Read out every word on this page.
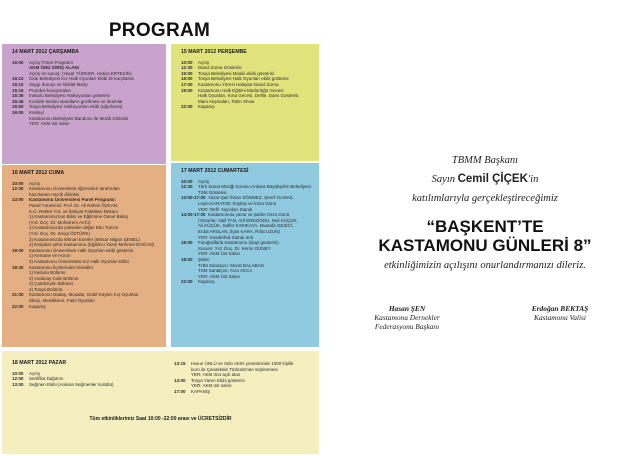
PROGRAM
14 MART 2012 ÇARŞAMBA
15:00 Açılış-Tören Programı
AKM ÖNÜ GİRİŞ ALANI
Açılış ve sunuş: (Yaşar TÜRKER, Hatice ERTEKİN)
15:10 Cide Belediyesi Kız Halk Oyunları Ekibi ile karşılama
15:10 Saygı duruşu ve İstiklal Marşı
15:15 Protokol konuşmaları
15:35 İnebolu Belediyesi Halkoyunları gösterisi
15:45 Kurdele kesimi standların gezilmesi ve ikramlar
15:50 Tosya Belediyesi Halkoyunları ekibi (uğurlama)
19:00 Kokteyl
Kastamonu Belediyesi Bandosu ile Müzik Dinletisi
YER: AKM üst salon
15 MART 2012 PERŞEMBE
10:00 Açılış
12:30 Davul Zurna Gösterisi
15:00 Tosya Belediyesi Musiki ekibi gösterisi
16:00 Tosya Belediyesi Halk Oyunları ekibi gösterisi
17:00 Kastamonu Yöresi Halaylar-Davul Zurna
19:00 Kastamonu Halk Eğitimi Müdürlüğü Gecesi
Halk Oyunları, Kına Gecesi, Defile, Dans Gösterisi,
Mani Atışmaları, Ritim Show
22:00 Kapanış
16 MART 2012 CUMA
10:00 Açılış
12:30 Kastamonu Üniversitesi öğrencileri tarafından
hazırlanan müzik dinletisi
13:00 Kastamonu Üniversitesi Panel Programı:
Panel Yöneticisi: Prof. Dr. Ali Rahmi ÖZKAN,
K.Ü. Rektör Yrd. ve İlahiyat Fakültesi Dekanı
1) Kastamonu'nun Bilim ve Eğitimine Genel Bakış
(Yrd. Doç. Dr. Muharrem AVCI)
2) Kastamonu'da yükselen değer Eko Turizm
(Yrd. Doç. Dr. Sevgi ÖZTÜRK)
3) Kastamonu'da Mimari Eserler (Mimar Nilgün ŞENEL)
4) Evliyalar şehri Kastamonu (Eğitimci Yazar Mehmet DOĞAN)
19:00 Kastamonu Üniversitesi Halk Oyunları ekibi gösterisi
1) Kemane ve Horon
2) Kastamonu Üniversitesi Kız Halk Oyunları Ekibi
19:30 Kastamonu İlçelerinden Esintiler
1) İnebolu Bölümü
2) Azdavay-Cide Bölümü
3) Çatalzeytin Bölümü
4) Tosya Bölümü
21:00 Kastamonu Dadaş, Musalar, Gülef Köyleri Kış Oyunları
Skeçi, Mesdikene, Fasıl Oyunları
22:00 Kapanış
17 MART 2012 CUMARTESİ
10:00 Açılış
12:30 Türk Sanat Müziği Korosu-Ankara Büyükşehir Belediyesi
TSM Gösterisi
13:00-17:00 Yazar-Şair İhsan SÖNMEZ, Şeref YILMAZ,
Leyla KARATOK Söyleşi ve İmza Günü
YER: Terfir Yayınları Standı
14:00-17:00 Kastamonulu yazar ve şairler İmza Günü
(Yazarlar: Nail TAN, Atıf ERDOĞDU, Nail KÜÇÜK,
Ali KÜÇÜK, Saffet SARIKAYA, Mustafa GEZİCİ,
Erdal ARSLAN, İlyas KARA, Rıfat UZUN)
YER: Kasderfed Standı önü
15:00 Fotoğraflarla Kastamonu (slayt gösterisi)
Sunum: Yrd. Doç. Dr. Kerim GÜNEY
YER: AKM Üst Salon
18:00 Şölen
THM Sanatçısı: Murat BALABAN
TSM Sanatçısı: Arzu AKCA
YER: AKM Üst Salon
22:00 Kapanış
18 MART 2012 PAZAR
10:00 Açılış
12:00 Sertifika Dağıtımı
13:00 Seğmen Ekibi (Ankara Seğmenler Kulübü)
13:15 Harun ÜNLÜ ve Sıtkı AKIN yönetiminde 1000 kişilik
koro ile Çanakkale Türküsü'nün söylenmesi
YER: AKM önü açık alan
14:00 Tosya Yaren Ekibi gösterisi
YER: AKM üst salon
17:00 KAPANIŞ
Tüm etkinliklerimiz Saat 10:00 -22:00 arası ve ÜCRETSİZDİR
TBMM Başkanı
Sayın Cemil ÇİÇEK'in
katılımlarıyla gerçekleştireceğimiz
“BAŞKENT’TE
KASTAMONU GÜNLERİ 8”
etkinliğimizin açılışını onurlandırmanızı dileriz.
Hasan ŞEN
Kastamonu Dernekler
Federasyonu Başkanı
Erdoğan BEKTAŞ
Kastamonu Valisi
